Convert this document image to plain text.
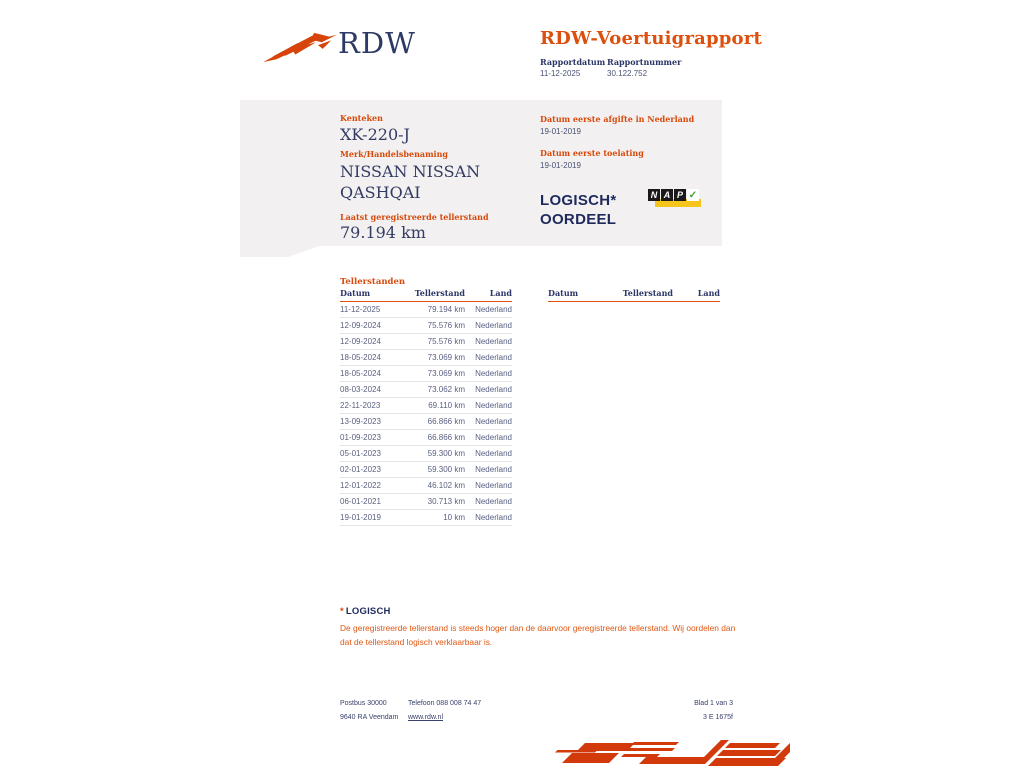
RDW	RDW-Voertuigrapport
Rapportdatum Rapportnummer
11-12-2025	30.122.752
Kenteken
XK-220-J
Merk/Handelsbenaming
NISSAN NISSAN QASHQAI
Laatst geregistreerde tellerstand
79.194 km
Datum eerste afgifte in Nederland
19-01-2019
Datum eerste toelating
19-01-2019
LOGISCH*
OORDEEL
N A P ✓
Tellerstanden
Datum	Tellerstand	Land
11-12-2025	79.194 km	Nederland
12-09-2024	75.576 km	Nederland
12-09-2024	75.576 km	Nederland
18-05-2024	73.069 km	Nederland
18-05-2024	73.069 km	Nederland
08-03-2024	73.062 km	Nederland
22-11-2023	69.110 km	Nederland
13-09-2023	66.866 km	Nederland
01-09-2023	66.866 km	Nederland
05-01-2023	59.300 km	Nederland
02-01-2023	59.300 km	Nederland
12-01-2022	46.102 km	Nederland
06-01-2021	30.713 km	Nederland
19-01-2019	10 km	Nederland
Datum	Tellerstand	Land
* LOGISCH
De geregistreerde tellerstand is steeds hoger dan de daarvoor geregistreerde tellerstand. Wij oordelen dan dat de tellerstand logisch verklaarbaar is.
Postbus 30000
9640 RA Veendam
Telefoon 088 008 74 47
www.rdw.nl
Blad 1 van 3
3 E 1675f
